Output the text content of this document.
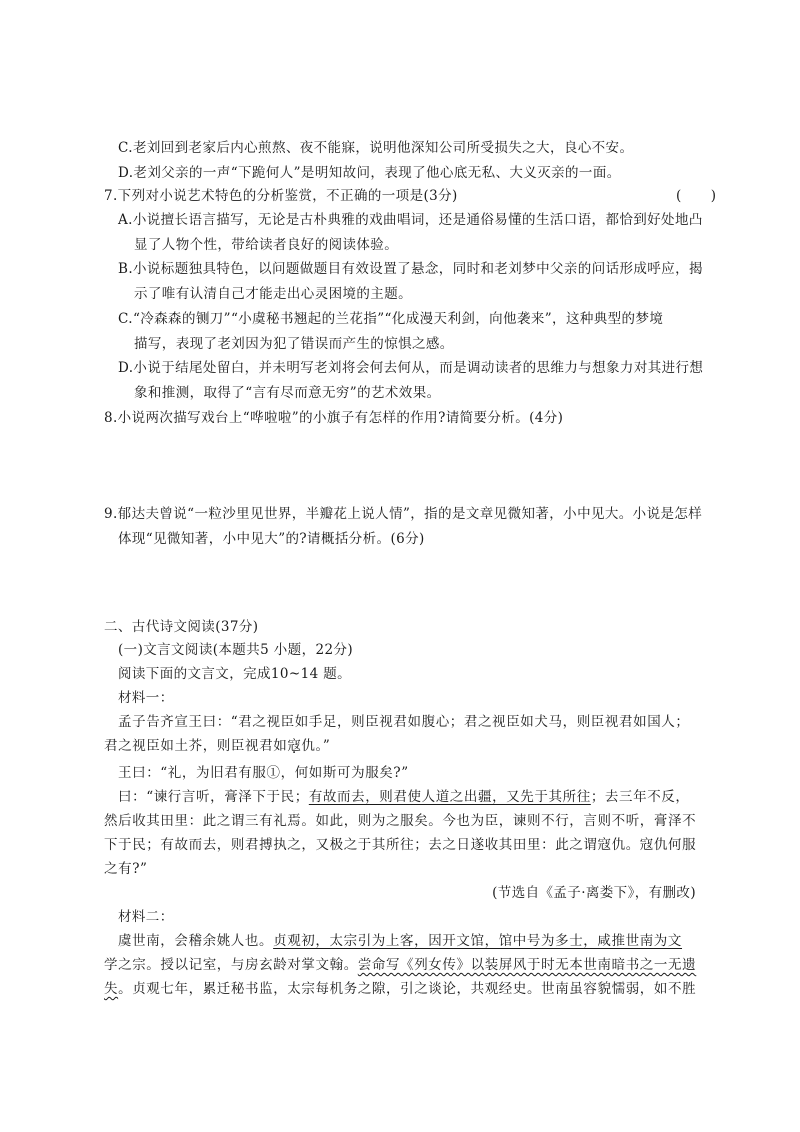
C.老刘回到老家后内心煎熬、夜不能寐，说明他深知公司所受损失之大，良心不安。
D.老刘父亲的一声“下跪何人”是明知故问，表现了他心底无私、大义灭亲的一面。
7.下列对小说艺术特色的分析鉴赏，不正确的一项是(3分)	(　)
A.小说擅长语言描写，无论是古朴典雅的戏曲唱词，还是通俗易懂的生活口语，都恰到好处地凸
显了人物个性，带给读者良好的阅读体验。
B.小说标题独具特色，以问题做题目有效设置了悬念，同时和老刘梦中父亲的问话形成呼应，揭
示了唯有认清自己才能走出心灵困境的主题。
C.“冷森森的铡刀”“小虞秘书翘起的兰花指”“化成漫天利剑，向他袭来”，这种典型的梦境
描写，表现了老刘因为犯了错误而产生的惊惧之感。
D.小说于结尾处留白，并未明写老刘将会何去何从，而是调动读者的思维力与想象力对其进行想
象和推测，取得了“言有尽而意无穷”的艺术效果。
8.小说两次描写戏台上“哗啦啦”的小旗子有怎样的作用?请简要分析。(4分)
9.郁达夫曾说“一粒沙里见世界，半瓣花上说人情”，指的是文章见微知著，小中见大。小说是怎样
体现“见微知著，小中见大”的?请概括分析。(6分)
二、古代诗文阅读(37分)
(一)文言文阅读(本题共5 小题，22分)
阅读下面的文言文，完成10~14 题。
材料一：
孟子告齐宣王曰：“君之视臣如手足，则臣视君如腹心；君之视臣如犬马，则臣视君如国人；
君之视臣如土芥，则臣视君如寇仇。”
王曰：“礼，为旧君有服①，何如斯可为服矣?”
曰：“谏行言听，膏泽下于民；有故而去，则君使人道之出疆，又先于其所往；去三年不反，
然后收其田里：此之谓三有礼焉。如此，则为之服矣。今也为臣，谏则不行，言则不听，膏泽不
下于民；有故而去，则君搏执之，又极之于其所往；去之日遂收其田里：此之谓寇仇。寇仇何服
之有?”
(节选自《孟子·离娄下》，有删改)
材料二：
虞世南，会稽余姚人也。贞观初，太宗引为上客，因开文馆，馆中号为多士，咸推世南为文
学之宗。授以记室，与房玄龄对掌文翰。尝命写《列女传》以装屏风于时无本世南暗书之一无遗
失。贞观七年，累迁秘书监，太宗每机务之隙，引之谈论，共观经史。世南虽容貌懦弱，如不胜
